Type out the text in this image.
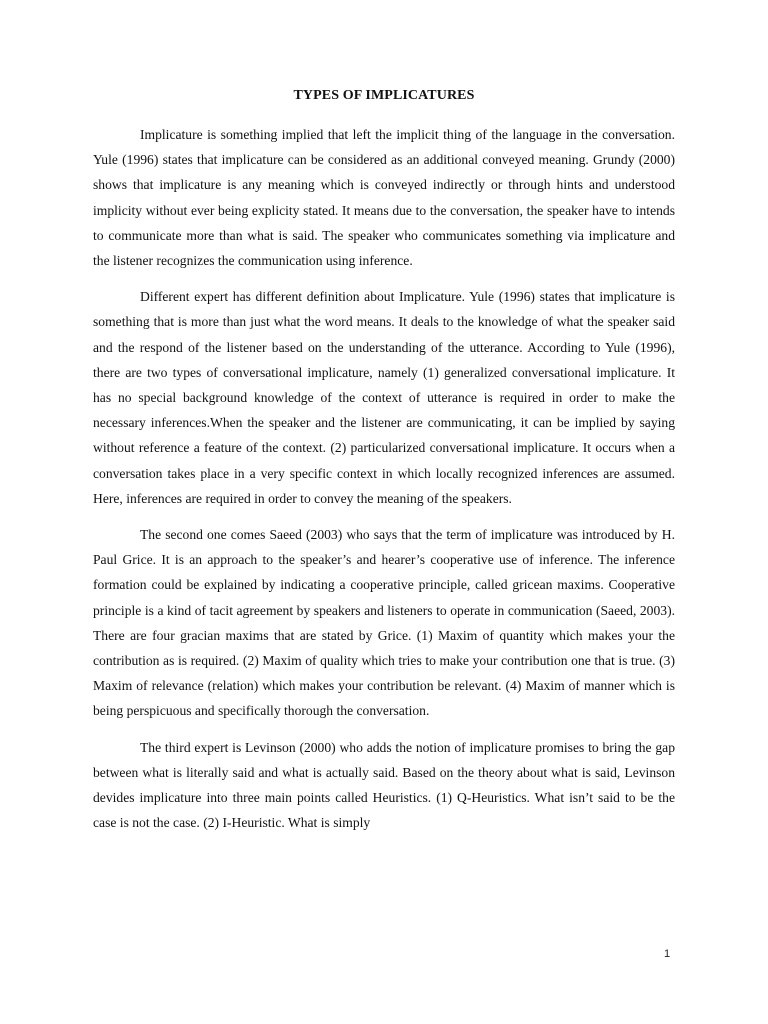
TYPES OF IMPLICATURES

Implicature is something implied that left the implicit thing of the language in the conversation. Yule (1996) states that implicature can be considered as an additional conveyed meaning. Grundy (2000) shows that implicature is any meaning which is conveyed indirectly or through hints and understood implicity without ever being explicity stated. It means due to the conversation, the speaker have to intends to communicate more than what is said. The speaker who communicates something via implicature and the listener recognizes the communication using inference.

Different expert has different definition about Implicature. Yule (1996) states that implicature is something that is more than just what the word means. It deals to the knowledge of what the speaker said and the respond of the listener based on the understanding of the utterance. According to Yule (1996), there are two types of conversational implicature, namely (1) generalized conversational implicature. It has no special background knowledge of the context of utterance is required in order to make the necessary inferences.When the speaker and the listener are communicating, it can be implied by saying without reference a feature of the context. (2) particularized conversational implicature. It occurs when a conversation takes place in a very specific context in which locally recognized inferences are assumed. Here, inferences are required in order to convey the meaning of the speakers.

The second one comes Saeed (2003) who says that the term of implicature was introduced by H. Paul Grice. It is an approach to the speaker’s and hearer’s cooperative use of inference. The inference formation could be explained by indicating a cooperative principle, called gricean maxims. Cooperative principle is a kind of tacit agreement by speakers and listeners to operate in communication (Saeed, 2003). There are four gracian maxims that are stated by Grice. (1) Maxim of quantity which makes your the contribution as is required. (2) Maxim of quality which tries to make your contribution one that is true. (3) Maxim of relevance (relation) which makes your contribution be relevant. (4) Maxim of manner which is being perspicuous and specifically thorough the conversation.

The third expert is Levinson (2000) who adds the notion of implicature promises to bring the gap between what is literally said and what is actually said. Based on the theory about what is said, Levinson devides implicature into three main points called Heuristics. (1) Q-Heuristics. What isn’t said to be the case is not the case. (2) I-Heuristic. What is simply

1
